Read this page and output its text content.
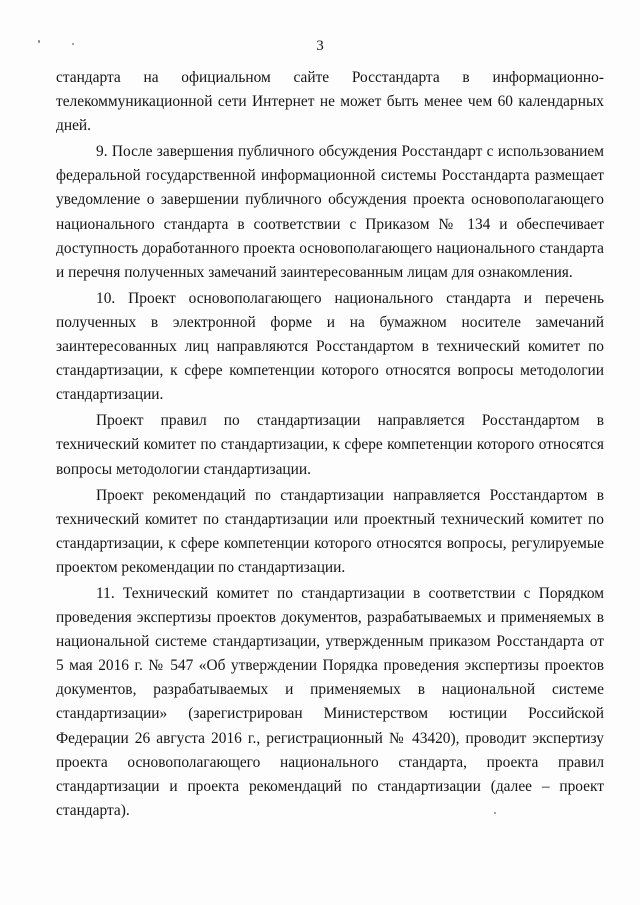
3

стандарта на официальном сайте Росстандарта в информационно-телекоммуникационной сети Интернет не может быть менее чем 60 календарных дней.

9. После завершения публичного обсуждения Росстандарт с использованием федеральной государственной информационной системы Росстандарта размещает уведомление о завершении публичного обсуждения проекта основополагающего национального стандарта в соответствии с Приказом № 134 и обеспечивает доступность доработанного проекта основополагающего национального стандарта и перечня полученных замечаний заинтересованным лицам для ознакомления.

10. Проект основополагающего национального стандарта и перечень полученных в электронной форме и на бумажном носителе замечаний заинтересованных лиц направляются Росстандартом в технический комитет по стандартизации, к сфере компетенции которого относятся вопросы методологии стандартизации.

Проект правил по стандартизации направляется Росстандартом в технический комитет по стандартизации, к сфере компетенции которого относятся вопросы методологии стандартизации.

Проект рекомендаций по стандартизации направляется Росстандартом в технический комитет по стандартизации или проектный технический комитет по стандартизации, к сфере компетенции которого относятся вопросы, регулируемые проектом рекомендации по стандартизации.

11. Технический комитет по стандартизации в соответствии с Порядком проведения экспертизы проектов документов, разрабатываемых и применяемых в национальной системе стандартизации, утвержденным приказом Росстандарта от 5 мая 2016 г. № 547 «Об утверждении Порядка проведения экспертизы проектов документов, разрабатываемых и применяемых в национальной системе стандартизации» (зарегистрирован Министерством юстиции Российской Федерации 26 августа 2016 г., регистрационный № 43420), проводит экспертизу проекта основополагающего национального стандарта, проекта правил стандартизации и проекта рекомендаций по стандартизации (далее – проект стандарта).
